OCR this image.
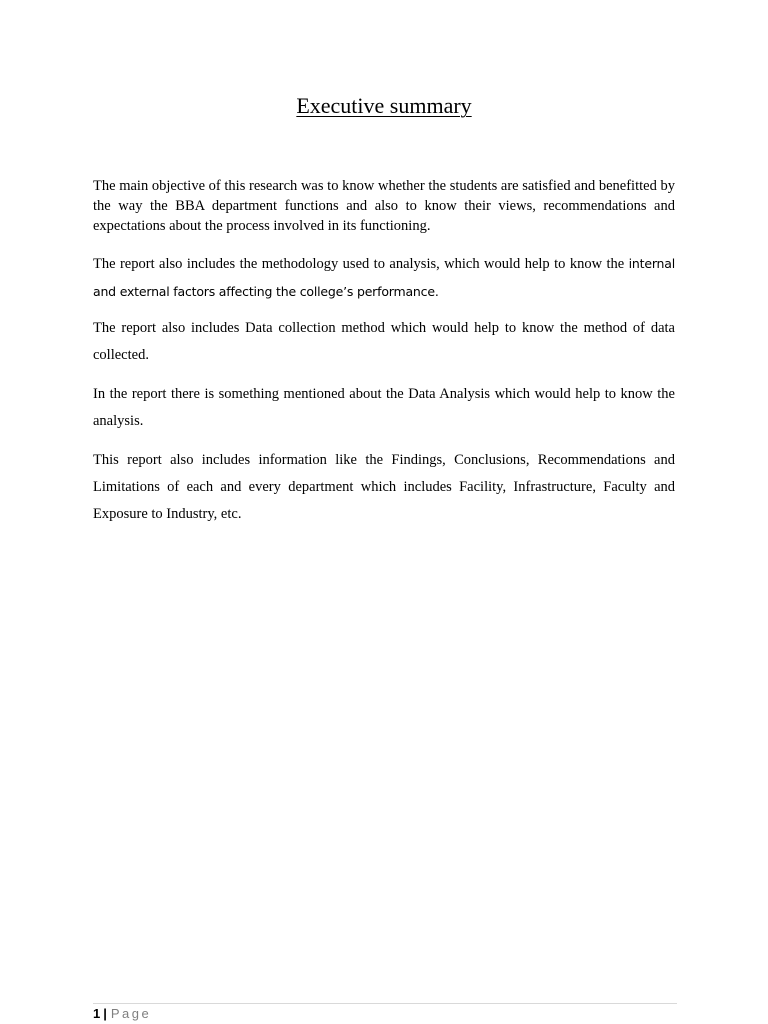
Executive summary

The main objective of this research was to know whether the students are satisfied and benefitted by the way the BBA department functions and also to know their views, recommendations and expectations about the process involved in its functioning.

The report also includes the methodology used to analysis, which would help to know the internal and external factors affecting the college’s performance.

The report also includes Data collection method which would help to know the method of data collected.

In the report there is something mentioned about the Data Analysis which would help to know the analysis.

This report also includes information like the Findings, Conclusions, Recommendations and Limitations of each and every department which includes Facility, Infrastructure, Faculty and Exposure to Industry, etc.

1 | Page
